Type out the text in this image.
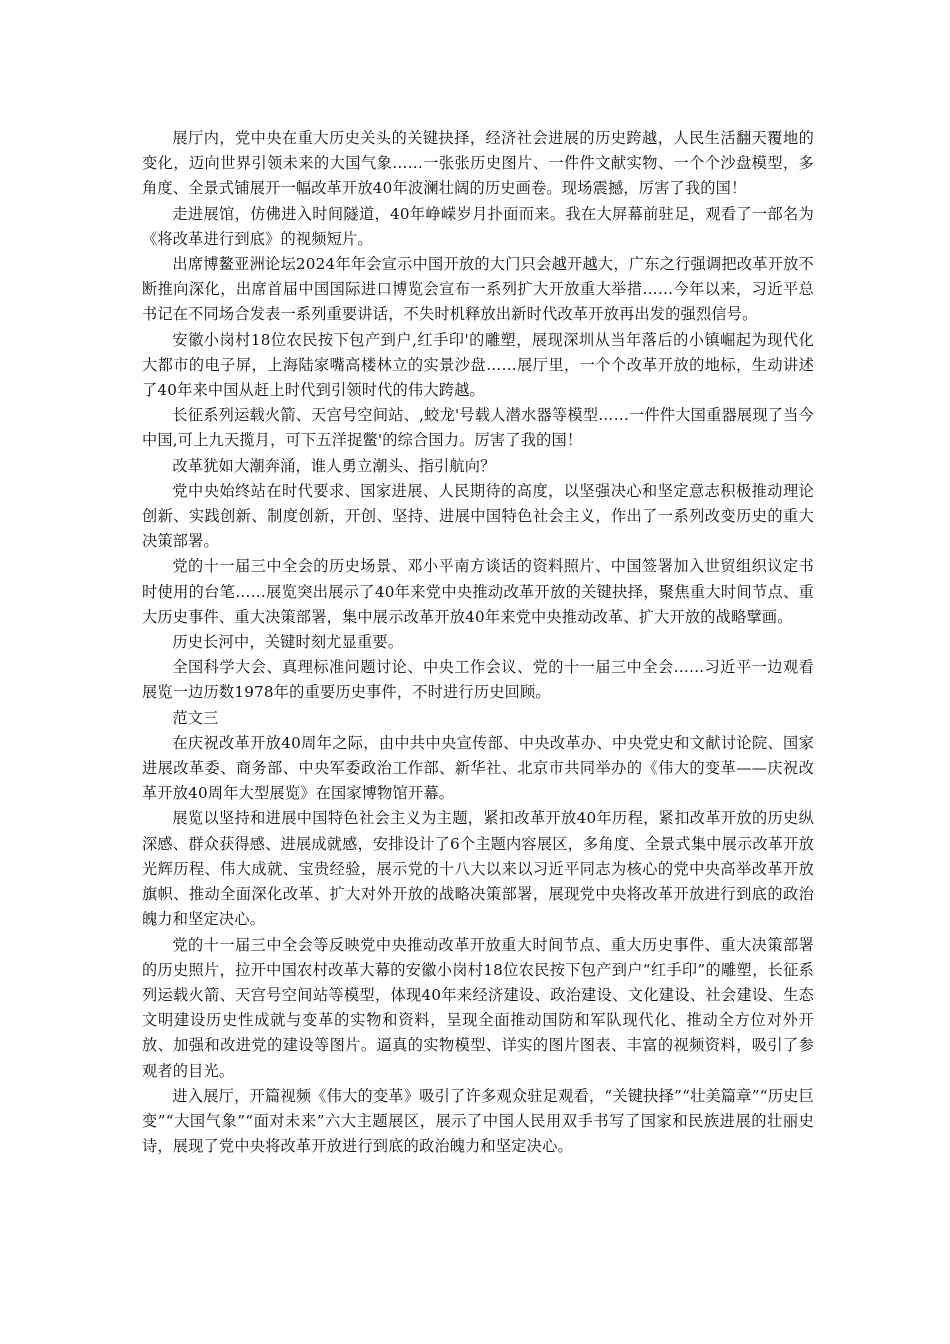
展厅内，党中央在重大历史关头的关键抉择，经济社会进展的历史跨越，人民生活翻天覆地的变化，迈向世界引领未来的大国气象……一张张历史图片、一件件文献实物、一个个沙盘模型，多角度、全景式铺展开一幅改革开放40年波澜壮阔的历史画卷。现场震撼，厉害了我的国！

走进展馆，仿佛进入时间隧道，40年峥嵘岁月扑面而来。我在大屏幕前驻足，观看了一部名为《将改革进行到底》的视频短片。

出席博鳌亚洲论坛2024年年会宣示中国开放的大门只会越开越大，广东之行强调把改革开放不断推向深化，出席首届中国国际进口博览会宣布一系列扩大开放重大举措……今年以来，习近平总书记在不同场合发表一系列重要讲话，不失时机释放出新时代改革开放再出发的强烈信号。

安徽小岗村18位农民按下包产到户,红手印'的雕塑，展现深圳从当年落后的小镇崛起为现代化大都市的电子屏，上海陆家嘴高楼林立的实景沙盘……展厅里，一个个改革开放的地标，生动讲述了40年来中国从赶上时代到引领时代的伟大跨越。

长征系列运载火箭、天宫号空间站、,蛟龙'号载人潜水器等模型……一件件大国重器展现了当今中国,可上九天揽月，可下五洋捉鳖'的综合国力。厉害了我的国！

改革犹如大潮奔涌，谁人勇立潮头、指引航向？

党中央始终站在时代要求、国家进展、人民期待的高度，以坚强决心和坚定意志积极推动理论创新、实践创新、制度创新，开创、坚持、进展中国特色社会主义，作出了一系列改变历史的重大决策部署。

党的十一届三中全会的历史场景、邓小平南方谈话的资料照片、中国签署加入世贸组织议定书时使用的台笔……展览突出展示了40年来党中央推动改革开放的关键抉择，聚焦重大时间节点、重大历史事件、重大决策部署，集中展示改革开放40年来党中央推动改革、扩大开放的战略擘画。

历史长河中，关键时刻尤显重要。

全国科学大会、真理标准问题讨论、中央工作会议、党的十一届三中全会……习近平一边观看展览一边历数1978年的重要历史事件，不时进行历史回顾。

范文三

在庆祝改革开放40周年之际，由中共中央宣传部、中央改革办、中央党史和文献讨论院、国家进展改革委、商务部、中央军委政治工作部、新华社、北京市共同举办的《伟大的变革——庆祝改革开放40周年大型展览》在国家博物馆开幕。

展览以坚持和进展中国特色社会主义为主题，紧扣改革开放40年历程，紧扣改革开放的历史纵深感、群众获得感、进展成就感，安排设计了6个主题内容展区，多角度、全景式集中展示改革开放光辉历程、伟大成就、宝贵经验，展示党的十八大以来以习近平同志为核心的党中央高举改革开放旗帜、推动全面深化改革、扩大对外开放的战略决策部署，展现党中央将改革开放进行到底的政治魄力和坚定决心。

党的十一届三中全会等反映党中央推动改革开放重大时间节点、重大历史事件、重大决策部署的历史照片，拉开中国农村改革大幕的安徽小岗村18位农民按下包产到户“红手印”的雕塑，长征系列运载火箭、天宫号空间站等模型，体现40年来经济建设、政治建设、文化建设、社会建设、生态文明建设历史性成就与变革的实物和资料，呈现全面推动国防和军队现代化、推动全方位对外开放、加强和改进党的建设等图片。逼真的实物模型、详实的图片图表、丰富的视频资料，吸引了参观者的目光。

进入展厅，开篇视频《伟大的变革》吸引了许多观众驻足观看，“关键抉择”“壮美篇章”“历史巨变”“大国气象”“面对未来”六大主题展区，展示了中国人民用双手书写了国家和民族进展的壮丽史诗，展现了党中央将改革开放进行到底的政治魄力和坚定决心。
